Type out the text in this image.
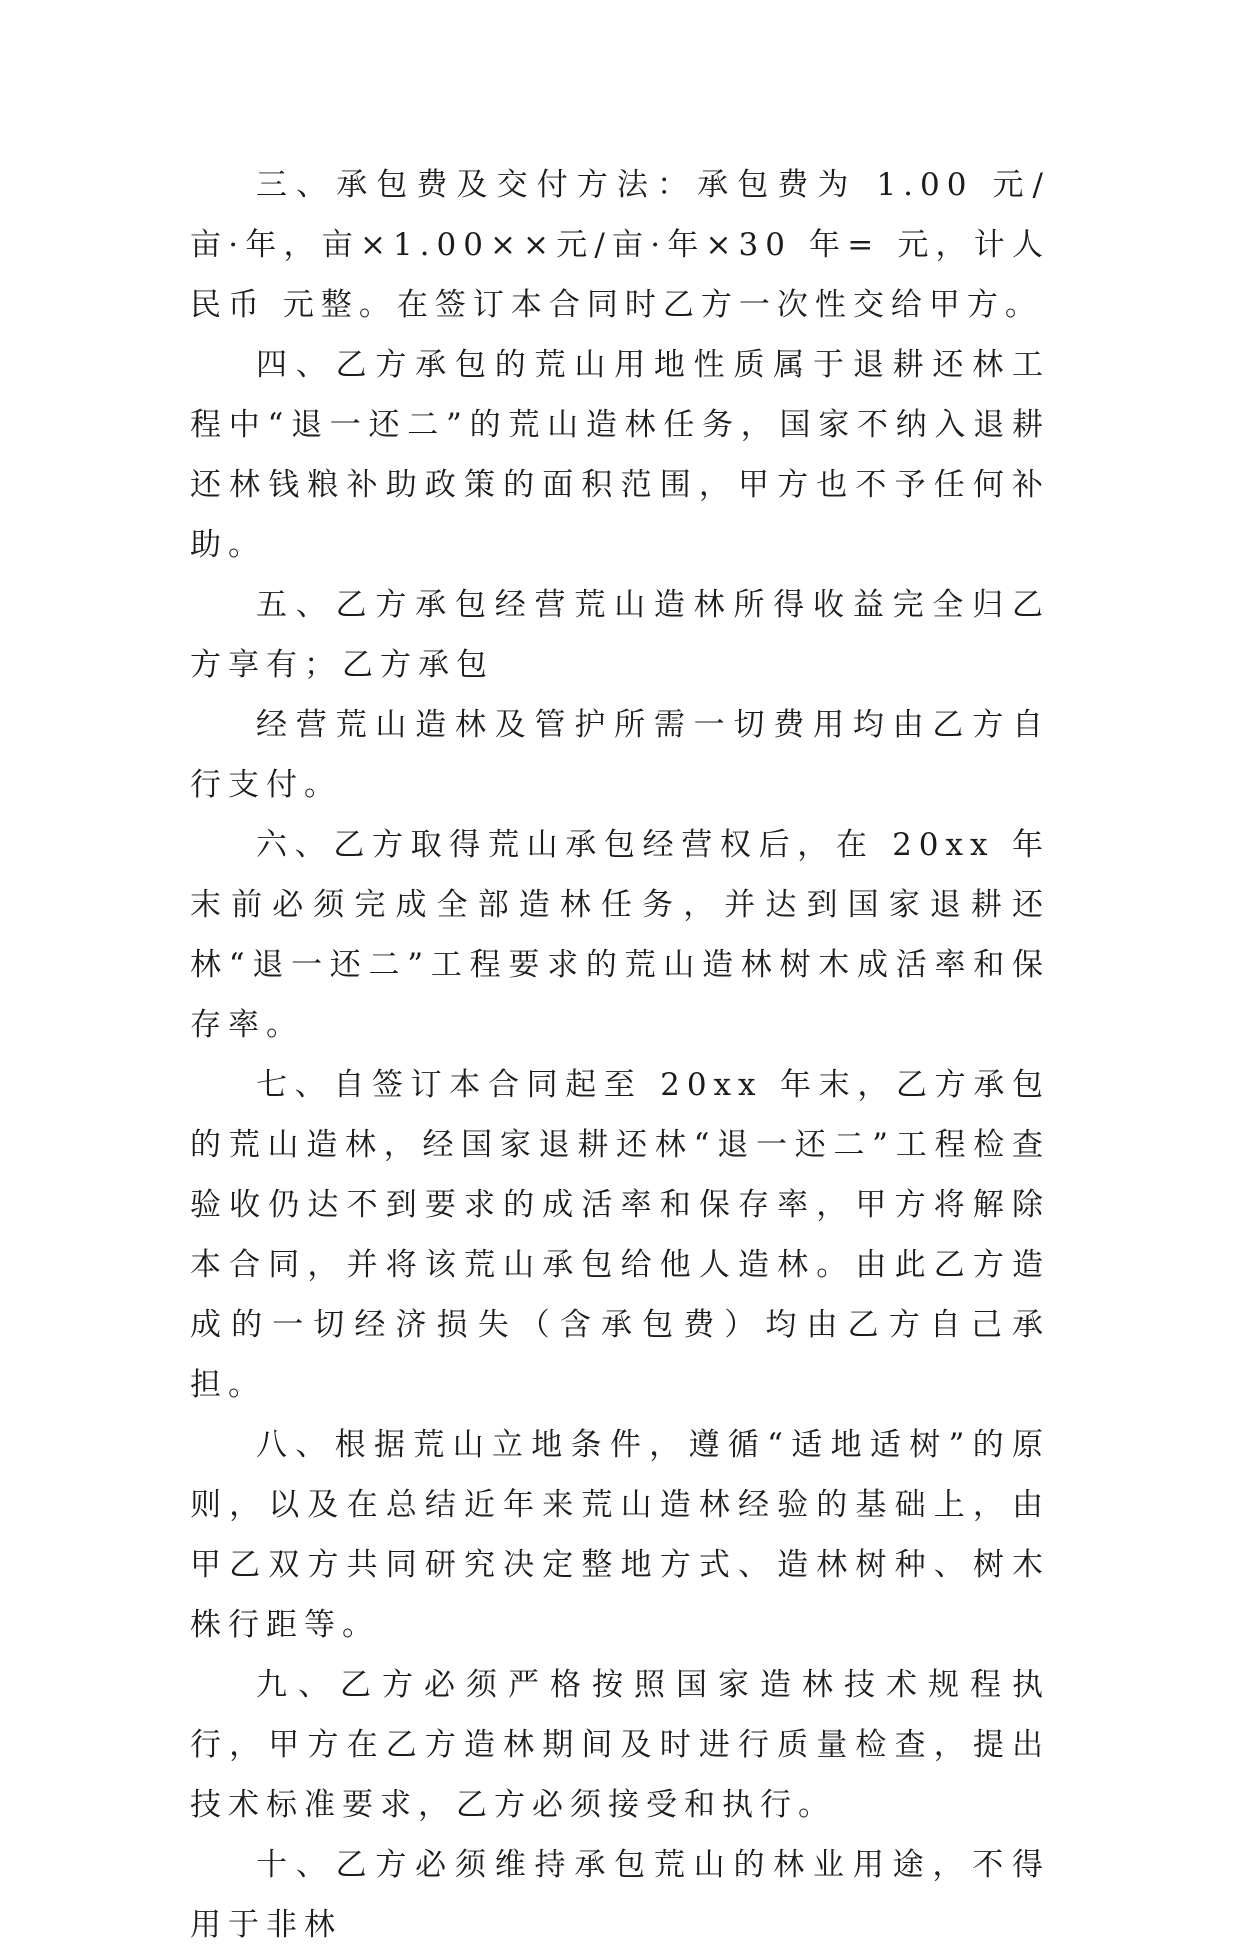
三、承包费及交付方法：承包费为 1.00 元/亩·年，亩×1.00××元/亩·年×30 年= 元，计人民币 元整。在签订本合同时乙方一次性交给甲方。

四、乙方承包的荒山用地性质属于退耕还林工程中“退一还二”的荒山造林任务，国家不纳入退耕还林钱粮补助政策的面积范围，甲方也不予任何补助。

五、乙方承包经营荒山造林所得收益完全归乙方享有；乙方承包

经营荒山造林及管护所需一切费用均由乙方自行支付。

六、乙方取得荒山承包经营权后，在 20xx 年末前必须完成全部造林任务，并达到国家退耕还林“退一还二”工程要求的荒山造林树木成活率和保存率。

七、自签订本合同起至 20xx 年末，乙方承包的荒山造林，经国家退耕还林“退一还二”工程检查验收仍达不到要求的成活率和保存率，甲方将解除本合同，并将该荒山承包给他人造林。由此乙方造成的一切经济损失（含承包费）均由乙方自己承担。

八、根据荒山立地条件，遵循“适地适树”的原则，以及在总结近年来荒山造林经验的基础上，由甲乙双方共同研究决定整地方式、造林树种、树木株行距等。

九、乙方必须严格按照国家造林技术规程执行，甲方在乙方造林期间及时进行质量检查，提出技术标准要求，乙方必须接受和执行。

十、乙方必须维持承包荒山的林业用途，不得用于非林
